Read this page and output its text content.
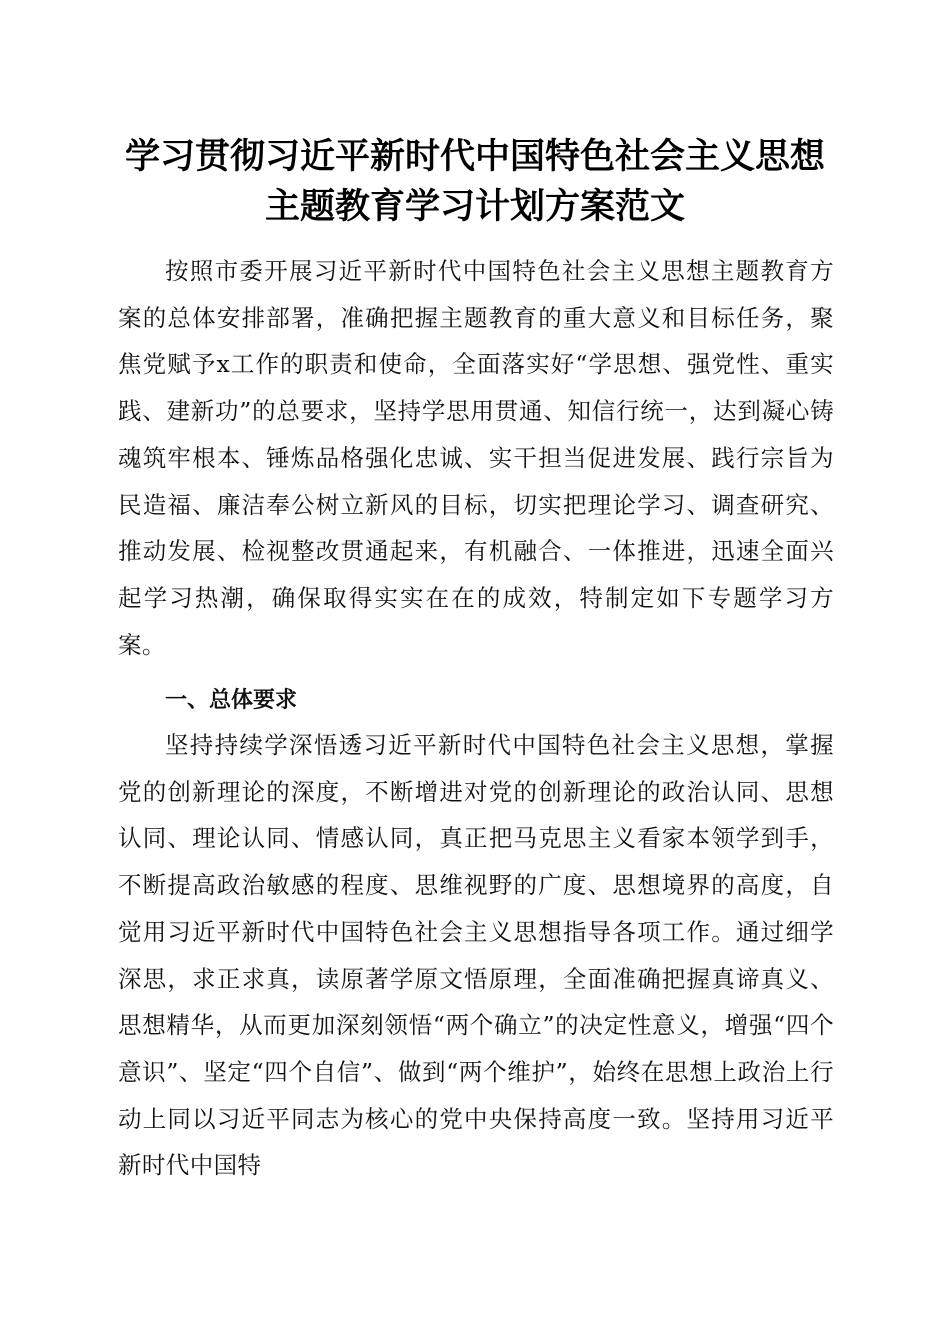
学习贯彻习近平新时代中国特色社会主义思想
主题教育学习计划方案范文

按照市委开展习近平新时代中国特色社会主义思想主题教育方案的总体安排部署，准确把握主题教育的重大意义和目标任务，聚焦党赋予x工作的职责和使命，全面落实好“学思想、强党性、重实践、建新功”的总要求，坚持学思用贯通、知信行统一，达到凝心铸魂筑牢根本、锤炼品格强化忠诚、实干担当促进发展、践行宗旨为民造福、廉洁奉公树立新风的目标，切实把理论学习、调查研究、推动发展、检视整改贯通起来，有机融合、一体推进，迅速全面兴起学习热潮，确保取得实实在在的成效，特制定如下专题学习方案。

一、总体要求

坚持持续学深悟透习近平新时代中国特色社会主义思想，掌握党的创新理论的深度，不断增进对党的创新理论的政治认同、思想认同、理论认同、情感认同，真正把马克思主义看家本领学到手，不断提高政治敏感的程度、思维视野的广度、思想境界的高度，自觉用习近平新时代中国特色社会主义思想指导各项工作。通过细学深思，求正求真，读原著学原文悟原理，全面准确把握真谛真义、思想精华，从而更加深刻领悟“两个确立”的决定性意义，增强“四个意识”、坚定“四个自信”、做到“两个维护”，始终在思想上政治上行动上同以习近平同志为核心的党中央保持高度一致。坚持用习近平新时代中国特
